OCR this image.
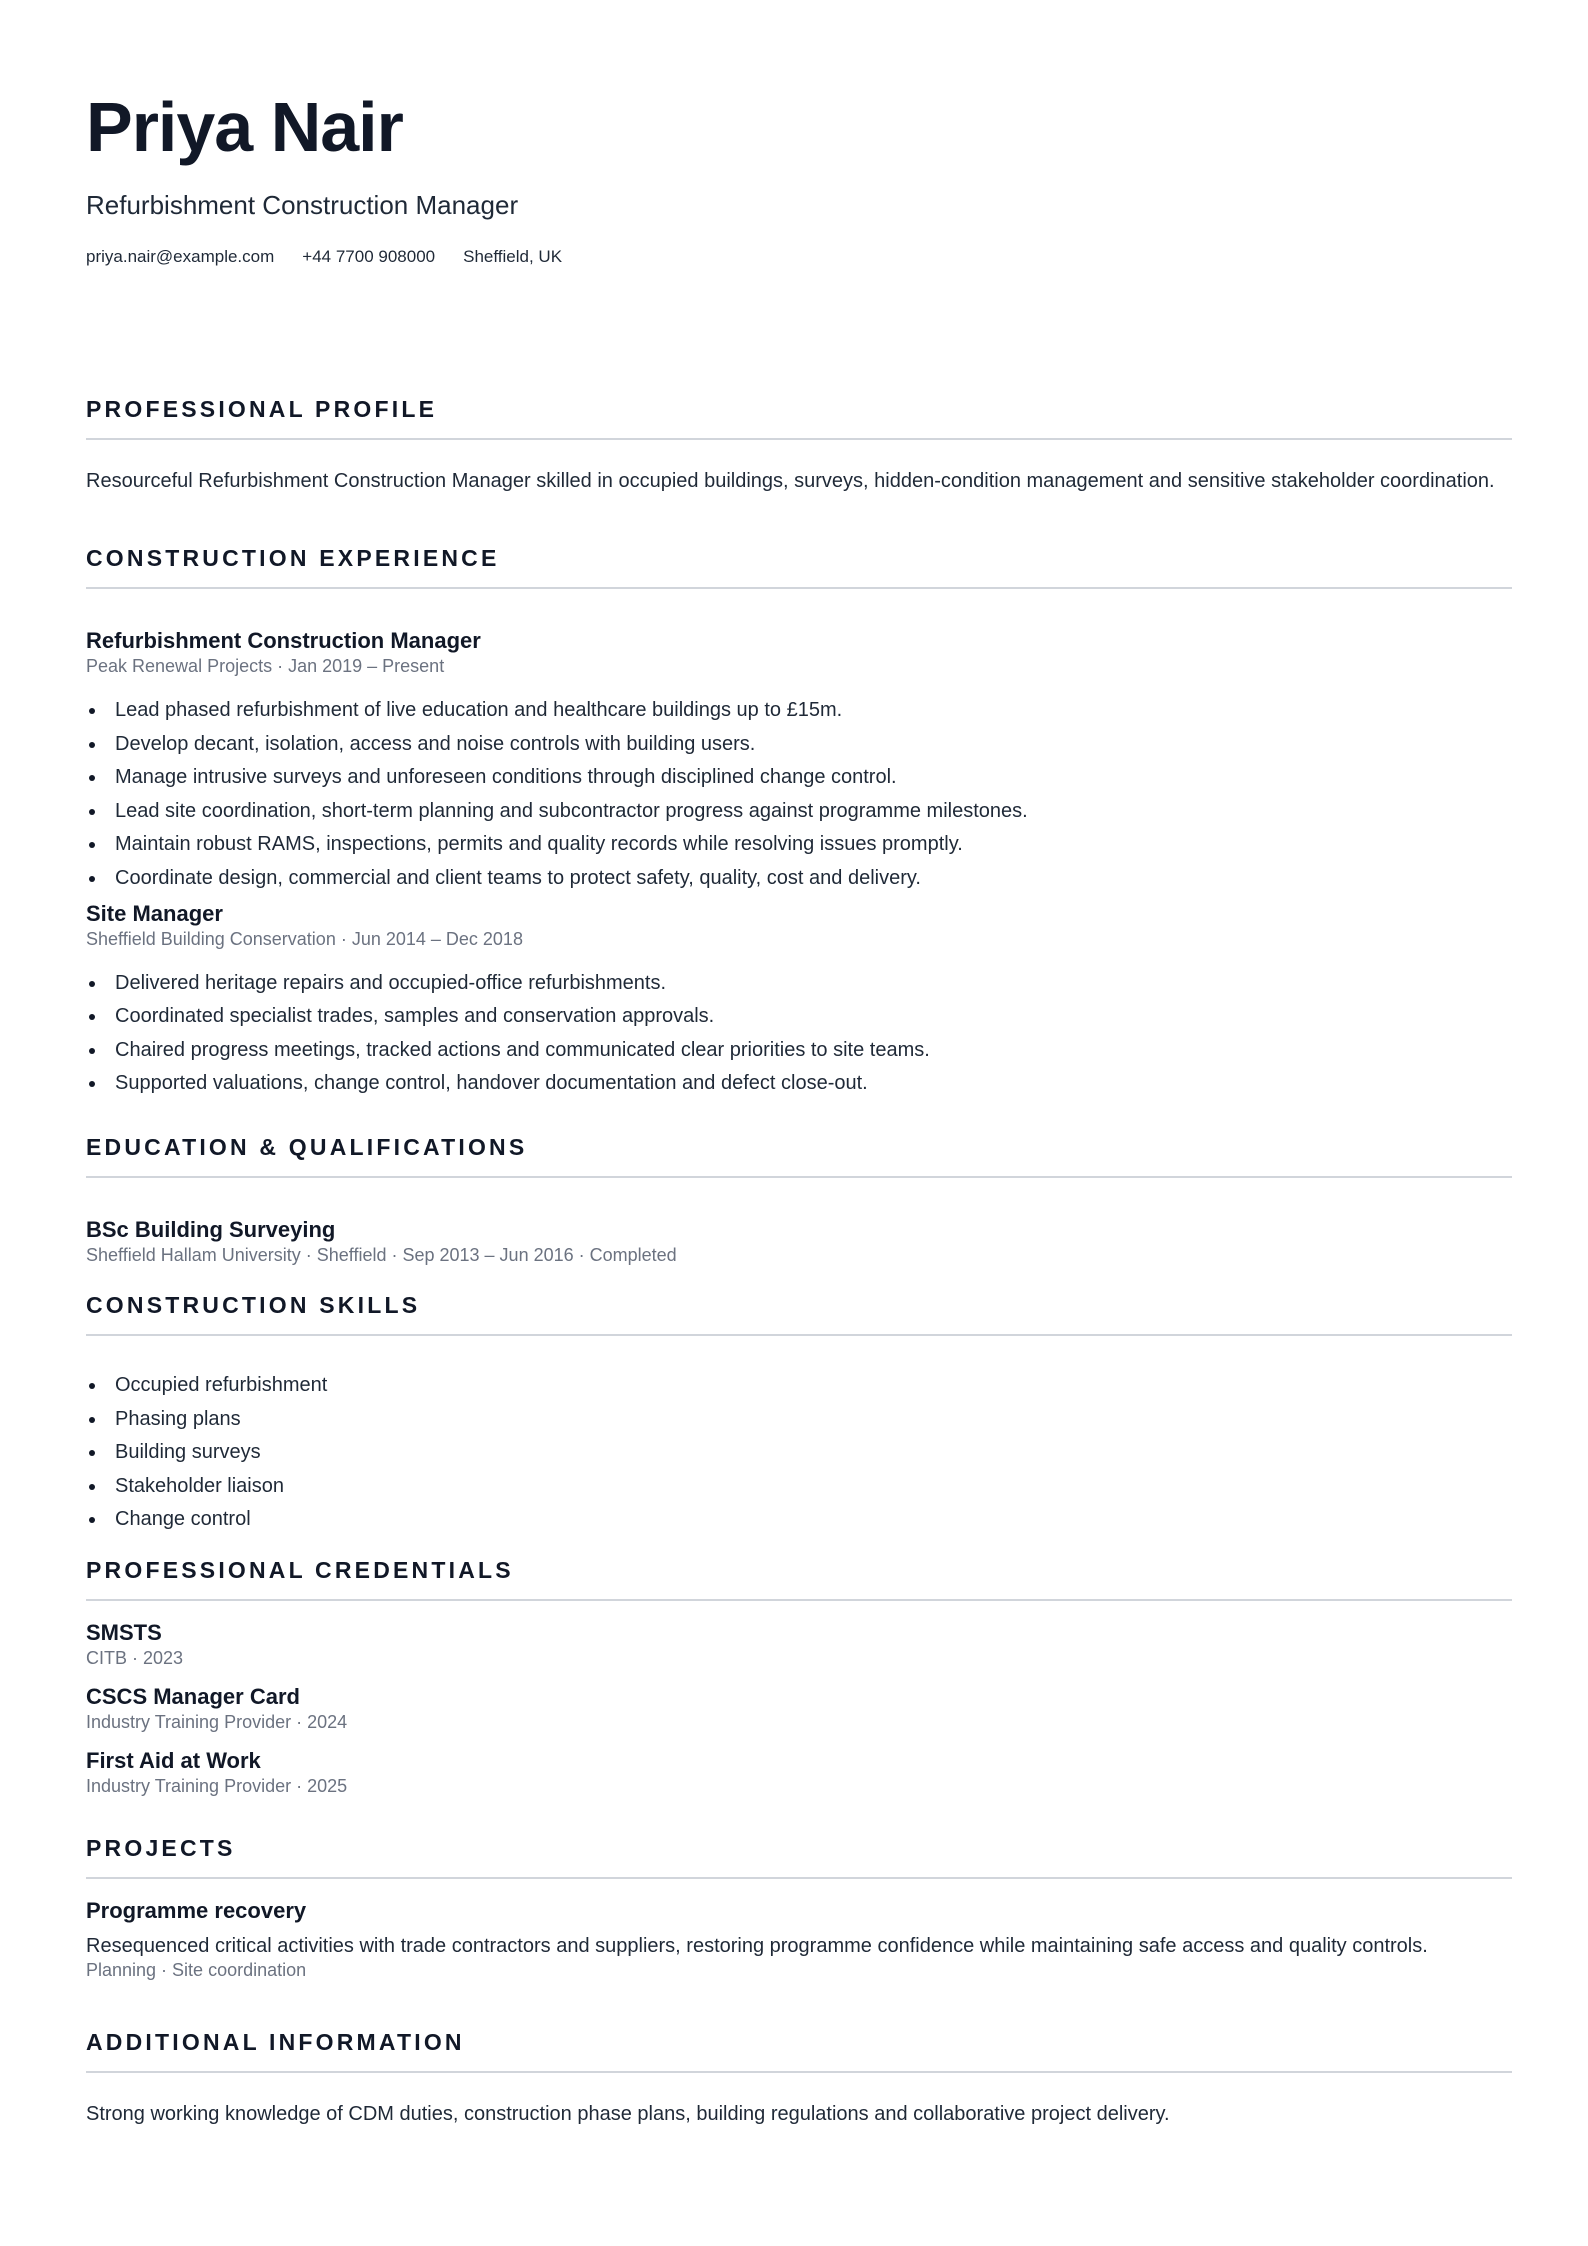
Priya Nair
Refurbishment Construction Manager
priya.nair@example.com +44 7700 908000 Sheffield, UK
PROFESSIONAL PROFILE

Resourceful Refurbishment Construction Manager skilled in occupied buildings, surveys, hidden-condition management and sensitive stakeholder coordination.

CONSTRUCTION EXPERIENCE
Refurbishment Construction Manager
Peak Renewal Projects · Jan 2019 – Present
Lead phased refurbishment of live education and healthcare buildings up to £15m.
Develop decant, isolation, access and noise controls with building users.
Manage intrusive surveys and unforeseen conditions through disciplined change control.
Lead site coordination, short-term planning and subcontractor progress against programme milestones.
Maintain robust RAMS, inspections, permits and quality records while resolving issues promptly.
Coordinate design, commercial and client teams to protect safety, quality, cost and delivery.
Site Manager
Sheffield Building Conservation · Jun 2014 – Dec 2018
Delivered heritage repairs and occupied-office refurbishments.
Coordinated specialist trades, samples and conservation approvals.
Chaired progress meetings, tracked actions and communicated clear priorities to site teams.
Supported valuations, change control, handover documentation and defect close-out.
EDUCATION & QUALIFICATIONS
BSc Building Surveying
Sheffield Hallam University · Sheffield · Sep 2013 – Jun 2016 · Completed
CONSTRUCTION SKILLS
Occupied refurbishment
Phasing plans
Building surveys
Stakeholder liaison
Change control
PROFESSIONAL CREDENTIALS
SMSTS
CITB · 2023
CSCS Manager Card
Industry Training Provider · 2024
First Aid at Work
Industry Training Provider · 2025
PROJECTS
Programme recovery

Resequenced critical activities with trade contractors and suppliers, restoring programme confidence while maintaining safe access and quality controls.

Planning · Site coordination
ADDITIONAL INFORMATION

Strong working knowledge of CDM duties, construction phase plans, building regulations and collaborative project delivery.
